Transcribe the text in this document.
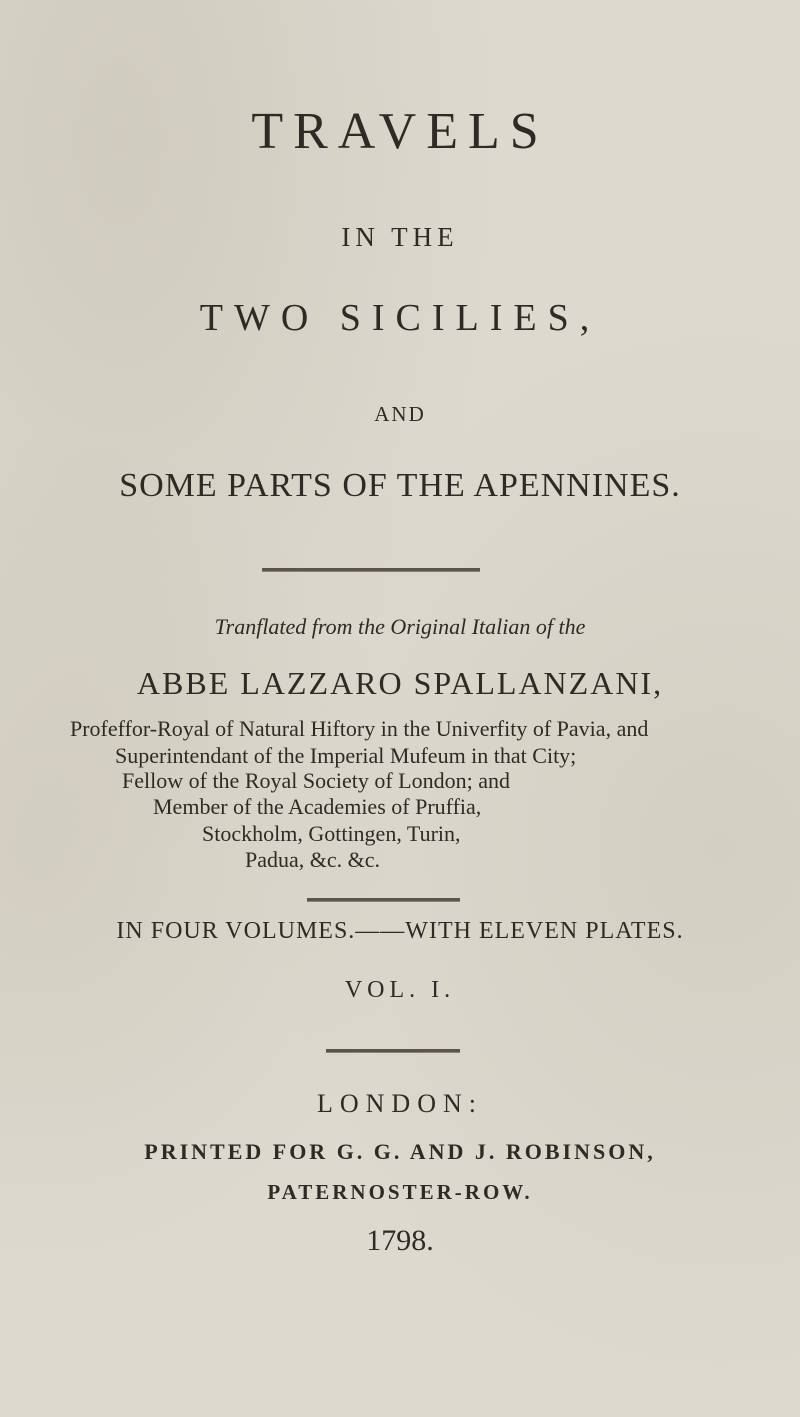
TRAVELS

IN THE

TWO SICILIES,

AND

SOME PARTS OF THE APENNINES.

Tranflated from the Original Italian of the

ABBE LAZZARO SPALLANZANI,

Profeffor-Royal of Natural Hiftory in the Univerfity of Pavia, and

Superintendant of the Imperial Mufeum in that City;

Fellow of the Royal Society of London; and

Member of the Academies of Pruffia,

Stockholm, Gottingen, Turin,

Padua, &c. &c.

IN FOUR VOLUMES.——WITH ELEVEN PLATES.

VOL. I.

LONDON:

PRINTED FOR G. G. AND J. ROBINSON,

PATERNOSTER-ROW.

1798.
